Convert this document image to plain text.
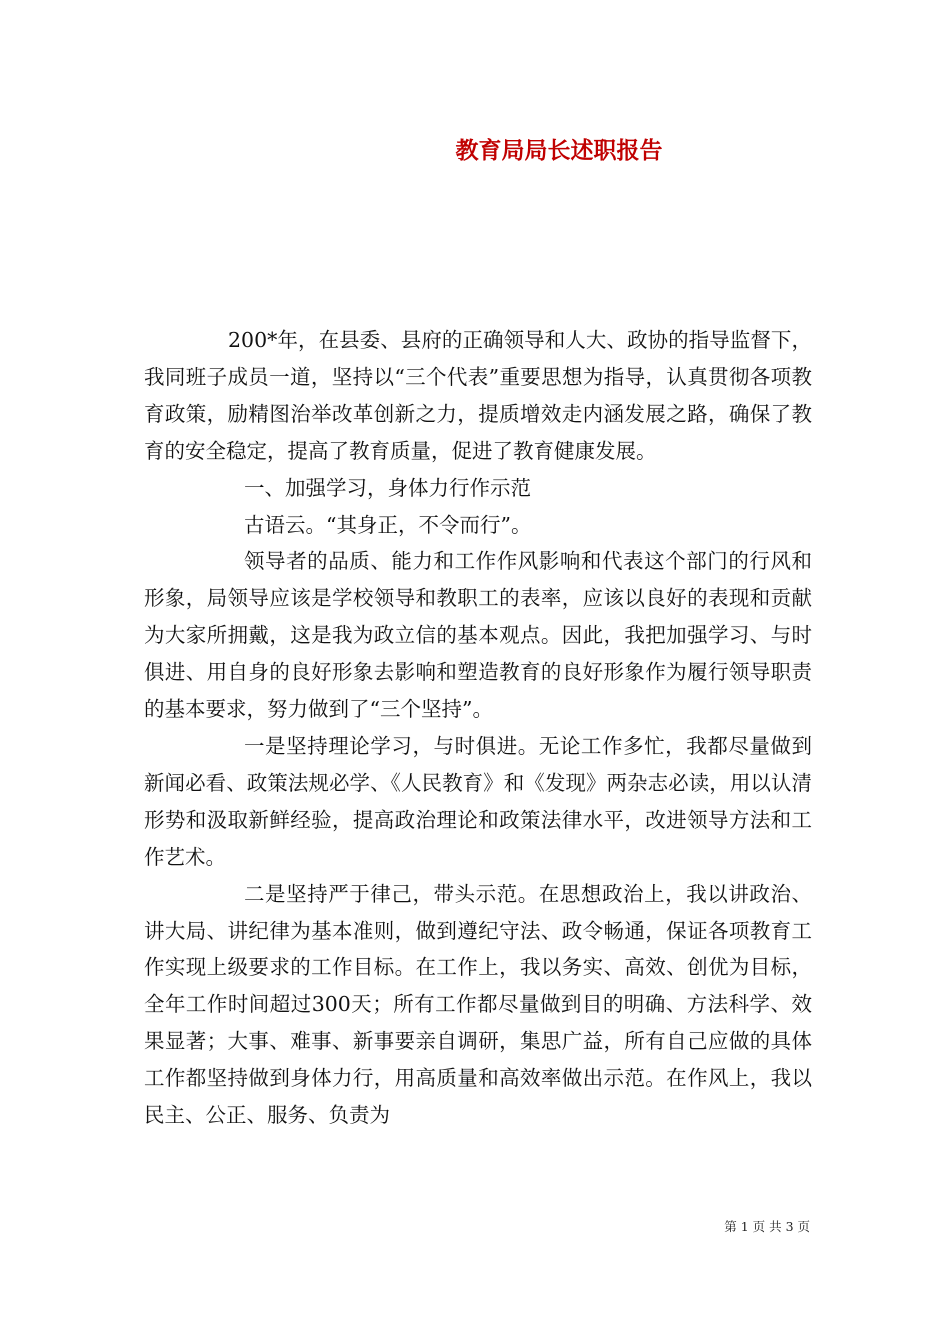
教育局局长述职报告

200*年，在县委、县府的正确领导和人大、政协的指导监督下，我同班子成员一道，坚持以“三个代表”重要思想为指导，认真贯彻各项教育政策，励精图治举改革创新之力，提质增效走内涵发展之路，确保了教育的安全稳定，提高了教育质量，促进了教育健康发展。

一、加强学习，身体力行作示范

古语云。“其身正，不令而行”。

领导者的品质、能力和工作作风影响和代表这个部门的行风和形象，局领导应该是学校领导和教职工的表率，应该以良好的表现和贡献为大家所拥戴，这是我为政立信的基本观点。因此，我把加强学习、与时俱进、用自身的良好形象去影响和塑造教育的良好形象作为履行领导职责的基本要求，努力做到了“三个坚持”。

一是坚持理论学习，与时俱进。无论工作多忙，我都尽量做到新闻必看、政策法规必学、《人民教育》和《发现》两杂志必读，用以认清形势和汲取新鲜经验，提高政治理论和政策法律水平，改进领导方法和工作艺术。

二是坚持严于律己，带头示范。在思想政治上，我以讲政治、讲大局、讲纪律为基本准则，做到遵纪守法、政令畅通，保证各项教育工作实现上级要求的工作目标。在工作上，我以务实、高效、创优为目标，全年工作时间超过300天；所有工作都尽量做到目的明确、方法科学、效果显著；大事、难事、新事要亲自调研，集思广益，所有自己应做的具体工作都坚持做到身体力行，用高质量和高效率做出示范。在作风上，我以民主、公正、服务、负责为

第 1 页 共 3 页
